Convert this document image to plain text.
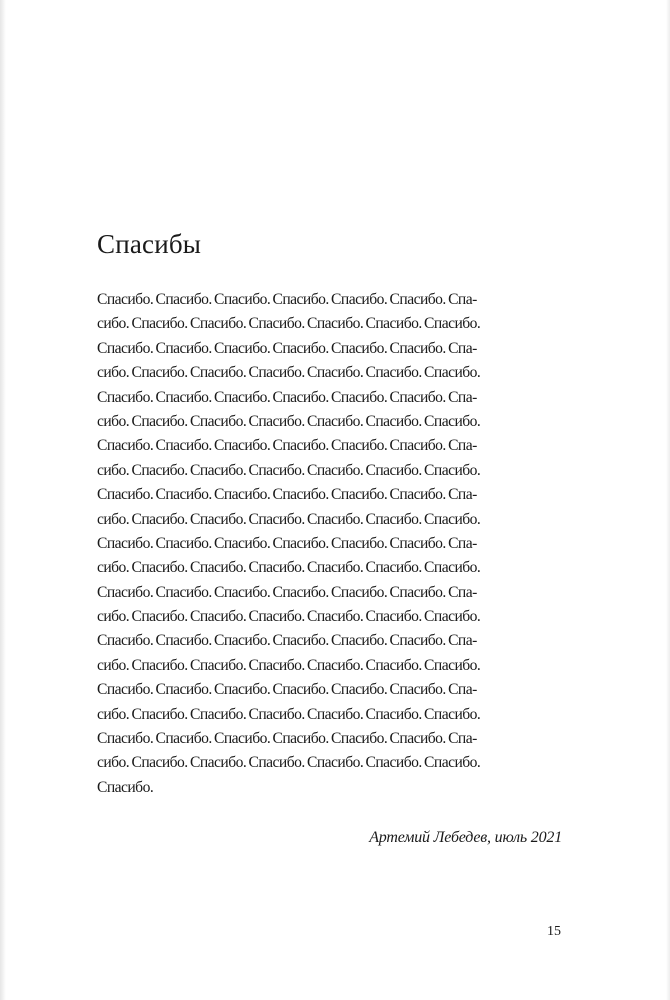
Спасибы
Спасибо. Спасибо. Спасибо. Спасибо. Спасибо. Спасибо. Спа-
сибо. Спасибо. Спасибо. Спасибо. Спасибо. Спасибо. Спасибо.
Спасибо. Спасибо. Спасибо. Спасибо. Спасибо. Спасибо. Спа-
сибо. Спасибо. Спасибо. Спасибо. Спасибо. Спасибо. Спасибо.
Спасибо. Спасибо. Спасибо. Спасибо. Спасибо. Спасибо. Спа-
сибо. Спасибо. Спасибо. Спасибо. Спасибо. Спасибо. Спасибо.
Спасибо. Спасибо. Спасибо. Спасибо. Спасибо. Спасибо. Спа-
сибо. Спасибо. Спасибо. Спасибо. Спасибо. Спасибо. Спасибо.
Спасибо. Спасибо. Спасибо. Спасибо. Спасибо. Спасибо. Спа-
сибо. Спасибо. Спасибо. Спасибо. Спасибо. Спасибо. Спасибо.
Спасибо. Спасибо. Спасибо. Спасибо. Спасибо. Спасибо. Спа-
сибо. Спасибо. Спасибо. Спасибо. Спасибо. Спасибо. Спасибо.
Спасибо. Спасибо. Спасибо. Спасибо. Спасибо. Спасибо. Спа-
сибо. Спасибо. Спасибо. Спасибо. Спасибо. Спасибо. Спасибо.
Спасибо. Спасибо. Спасибо. Спасибо. Спасибо. Спасибо. Спа-
сибо. Спасибо. Спасибо. Спасибо. Спасибо. Спасибо. Спасибо.
Спасибо. Спасибо. Спасибо. Спасибо. Спасибо. Спасибо. Спа-
сибо. Спасибо. Спасибо. Спасибо. Спасибо. Спасибо. Спасибо.
Спасибо. Спасибо. Спасибо. Спасибо. Спасибо. Спасибо. Спа-
сибо. Спасибо. Спасибо. Спасибо. Спасибо. Спасибо. Спасибо.
Спасибо.

Артемий Лебедев, июль 2021

15
